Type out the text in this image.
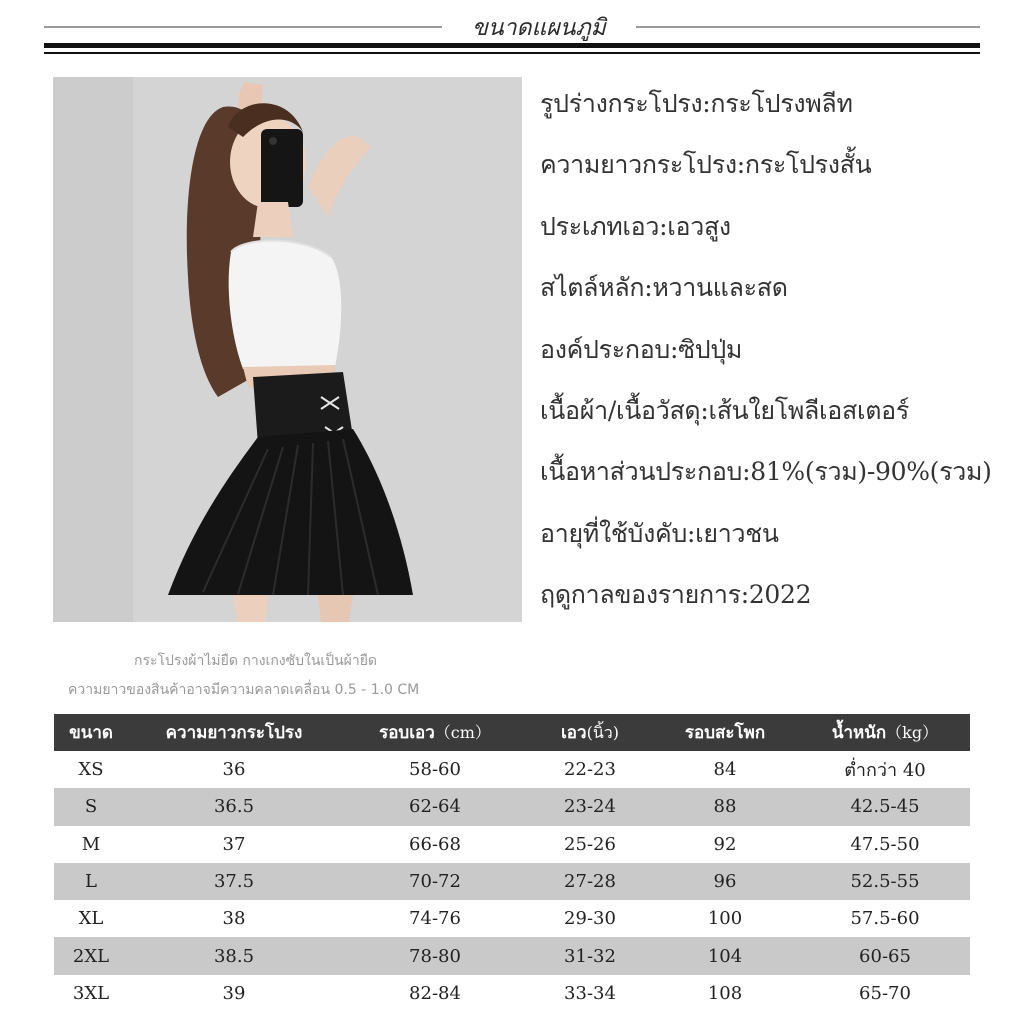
ขนาดแผนภูมิ
รูปร่างกระโปรง:กระโปรงพลีท
ความยาวกระโปรง:กระโปรงสั้น
ประเภทเอว:เอวสูง
สไตล์หลัก:หวานและสด
องค์ประกอบ:ซิปปุ่ม
เนื้อผ้า/เนื้อวัสดุ:เส้นใยโพลีเอสเตอร์
เนื้อหาส่วนประกอบ:81%(รวม)-90%(รวม)
อายุที่ใช้บังคับ:เยาวชน
ฤดูกาลของรายการ:2022
กระโปรงผ้าไม่ยืด กางเกงซับในเป็นผ้ายืด
ความยาวของสินค้าอาจมีความคลาดเคลื่อน 0.5 - 1.0 CM
ขนาด	ความยาวกระโปรง	รอบเอว（cm）	เอว(นิ้ว)	รอบสะโพก	น้ำหนัก（kg）
XS	36	58-60	22-23	84	ต่ำกว่า 40
S	36.5	62-64	23-24	88	42.5-45
M	37	66-68	25-26	92	47.5-50
L	37.5	70-72	27-28	96	52.5-55
XL	38	74-76	29-30	100	57.5-60
2XL	38.5	78-80	31-32	104	60-65
3XL	39	82-84	33-34	108	65-70
